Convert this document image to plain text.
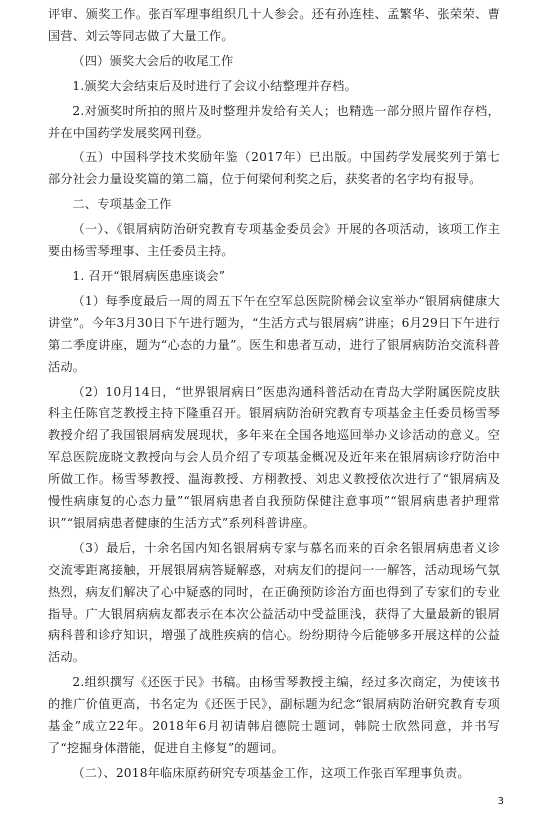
评审、颁奖工作。张百军理事组织几十人参会。还有孙连桂、孟繁华、张荣荣、曹国营、刘云等同志做了大量工作。

（四）颁奖大会后的收尾工作

1.颁奖大会结束后及时进行了会议小结整理并存档。

2.对颁奖时所拍的照片及时整理并发给有关人；也精选一部分照片留作存档，并在中国药学发展奖网刊登。

（五）中国科学技术奖励年鉴（2017年）已出版。中国药学发展奖列于第七部分社会力量设奖篇的第二篇，位于何梁何利奖之后，获奖者的名字均有报导。

二、专项基金工作

（一）、《银屑病防治研究教育专项基金委员会》开展的各项活动，该项工作主要由杨雪琴理事、主任委员主持。

1. 召开“银屑病医患座谈会”

（1）每季度最后一周的周五下午在空军总医院阶梯会议室举办“银屑病健康大讲堂”。今年3月30日下午进行题为，“生活方式与银屑病”讲座；6月29日下午进行第二季度讲座，题为“心态的力量”。医生和患者互动，进行了银屑病防治交流科普活动。

（2）10月14日，“世界银屑病日”医患沟通科普活动在青岛大学附属医院皮肤科主任陈官芝教授主持下隆重召开。银屑病防治研究教育专项基金主任委员杨雪琴教授介绍了我国银屑病发展现状，多年来在全国各地巡回举办义诊活动的意义。空军总医院庞晓文教授向与会人员介绍了专项基金概况及近年来在银屑病诊疗防治中所做工作。杨雪琴教授、温海教授、方栩教授、刘忠义教授依次进行了“银屑病及慢性病康复的心态力量”“银屑病患者自我预防保健注意事项”“银屑病患者护理常识”“银屑病患者健康的生活方式”系列科普讲座。

（3）最后，十余名国内知名银屑病专家与慕名而来的百余名银屑病患者义诊交流零距离接触，开展银屑病答疑解惑，对病友们的提问一一解答，活动现场气氛热烈，病友们解决了心中疑惑的同时，在正确预防诊治方面也得到了专家们的专业指导。广大银屑病病友都表示在本次公益活动中受益匪浅，获得了大量最新的银屑病科普和诊疗知识，增强了战胜疾病的信心。纷纷期待今后能够多开展这样的公益活动。

2.组织撰写《还医于民》书稿。由杨雪琴教授主编，经过多次商定，为使该书的推广价值更高，书名定为《还医于民》，副标题为纪念“银屑病防治研究教育专项基金”成立22年。2018年6月初请韩启德院士题词，韩院士欣然同意，并书写了“挖掘身体潜能，促进自主修复”的题词。

（二）、2018年临床原药研究专项基金工作，这项工作张百军理事负责。

3
